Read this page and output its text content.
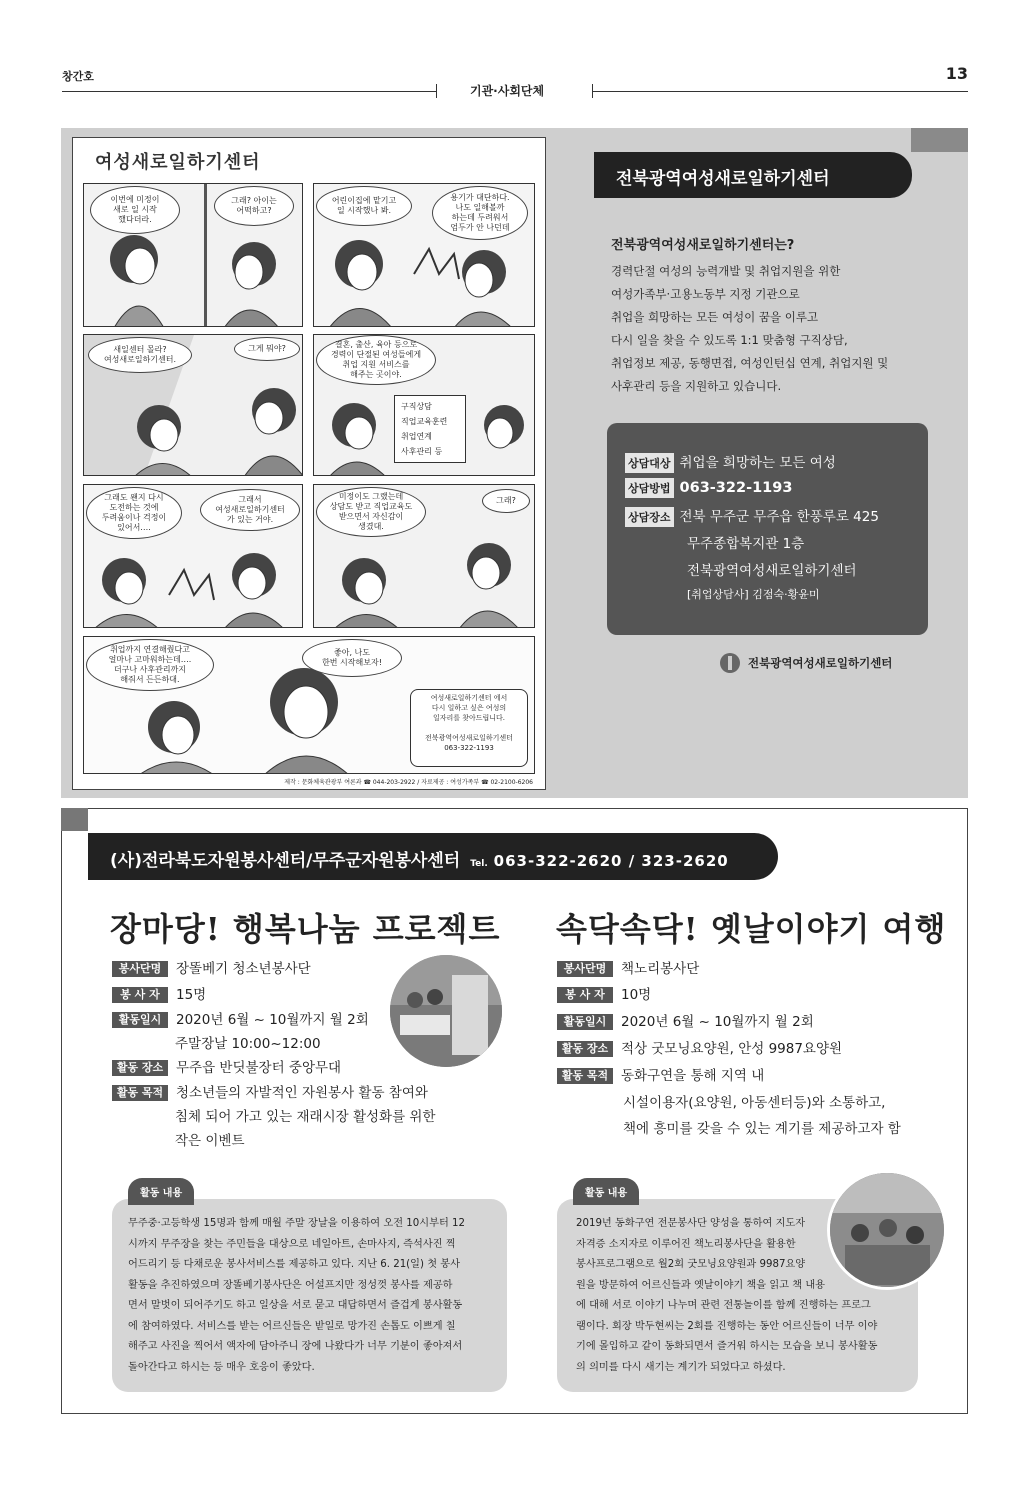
창간호
기관·사회단체
13
여성새로일하기센터
이번에 미정이
새로 일 시작
했다더라.
그래? 아이는
어떡하고?
어린이집에 맡기고
일 시작했나 봐.
용기가 대단하다.
나도 일해볼까
하는데 두려워서
엄두가 안 나던데
새일센터 몰라?
여성새로일하기센터.
그게 뭐야?	결혼, 출산, 육아 등으로
경력이 단절된 여성들에게
취업 지원 서비스를
해주는 곳이야.
구직상담
직업교육훈련
취업연계
사후관리 등
그래도 왠지 다시
도전하는 것에
두려움이나 걱정이
있어서….
그래서
여성새로일하기센터
가 있는 거야.
미정이도 그랬는데
상담도 받고 직업교육도
받으면서 자신감이
생겼대.
그래?
취업까지 연결해줬다고
얼마나 고마워하는데….
더구나 사후관리까지
해줘서 든든하대.
좋아, 나도
한번 시작해보자!
여성새로일하기센터 에서
다시 일하고 싶은 여성의
일자리를 찾아드립니다.

전북광역여성새로일하기센터
063-322-1193
제작 : 문화체육관광부 여론과 ☎ 044-203-2922 / 자료제공 : 여성가족부 ☎ 02-2100-6206
전북광역여성새로일하기센터
전북광역여성새로일하기센터는?
경력단절 여성의 능력개발 및 취업지원을 위한
여성가족부·고용노동부 지정 기관으로
취업을 희망하는 모든 여성이 꿈을 이루고
다시 일을 찾을 수 있도록 1:1 맞춤형 구직상담,
취업정보 제공, 동행면접, 여성인턴십 연계, 취업지원 및
사후관리 등을 지원하고 있습니다.
상담대상 취업을 희망하는 모든 여성
상담방법 063-322-1193
상담장소 전북 무주군 무주읍 한풍루로 425
무주종합복지관 1층
전북광역여성새로일하기센터
[취업상담사] 김점숙·황윤미
전북광역여성새로일하기센터
(사)전라북도자원봉사센터/무주군자원봉사센터 Tel. 063-322-2620 / 323-2620
장마당! 행복나눔 프로젝트
봉사단명 장똘베기 청소년봉사단
봉 사 자 15명
활동일시 2020년 6월 ~ 10월까지 월 2회
주말장날 10:00~12:00
활동 장소 무주읍 반딧불장터 중앙무대
활동 목적 청소년들의 자발적인 자원봉사 활동 참여와
침체 되어 가고 있는 재래시장 활성화를 위한
작은 이벤트
활동 내용
무주중·고등학생 15명과 함께 매월 주말 장날을 이용하여 오전 10시부터 12
시까지 무주장을 찾는 주민들을 대상으로 네일아트, 손마사지, 즉석사진 찍
어드리기 등 다채로운 봉사서비스를 제공하고 있다. 지난 6. 21(일) 첫 봉사
활동을 추진하였으며 장똘베기봉사단은 어설프지만 정성껏 봉사를 제공하
면서 말벗이 되어주기도 하고 일상을 서로 묻고 대답하면서 즐겁게 봉사활동
에 참여하였다. 서비스를 받는 어르신들은 받일로 망가진 손톱도 이쁘게 칠
해주고 사진을 찍어서 액자에 담아주니 장에 나왔다가 너무 기분이 좋아져서
돌아간다고 하시는 등 매우 호응이 좋았다.
속닥속닥! 옛날이야기 여행
봉사단명 책노리봉사단
봉 사 자 10명
활동일시 2020년 6월 ~ 10월까지 월 2회
활동 장소 적상 굿모닝요양원, 안성 9987요양원
활동 목적 동화구연을 통해 지역 내
시설이용자(요양원, 아동센터등)와 소통하고,
책에 흥미를 갖을 수 있는 계기를 제공하고자 함
활동 내용
2019년 동화구연 전문봉사단 양성을 통하여 지도자
자격증 소지자로 이루어진 책노리봉사단을 활용한
봉사프로그램으로 월2회 굿모닝요양원과 9987요양
원을 방문하여 어르신들과 옛날이야기 책을 읽고 책 내용
에 대해 서로 이야기 나누며 관련 전통놀이를 함께 진행하는 프로그
램이다. 회장 박두현씨는 2회를 진행하는 동안 어르신들이 너무 이야
기에 몰입하고 같이 동화되면서 즐거워 하시는 모습을 보니 봉사활동
의 의미를 다시 새기는 계기가 되었다고 하셨다.
